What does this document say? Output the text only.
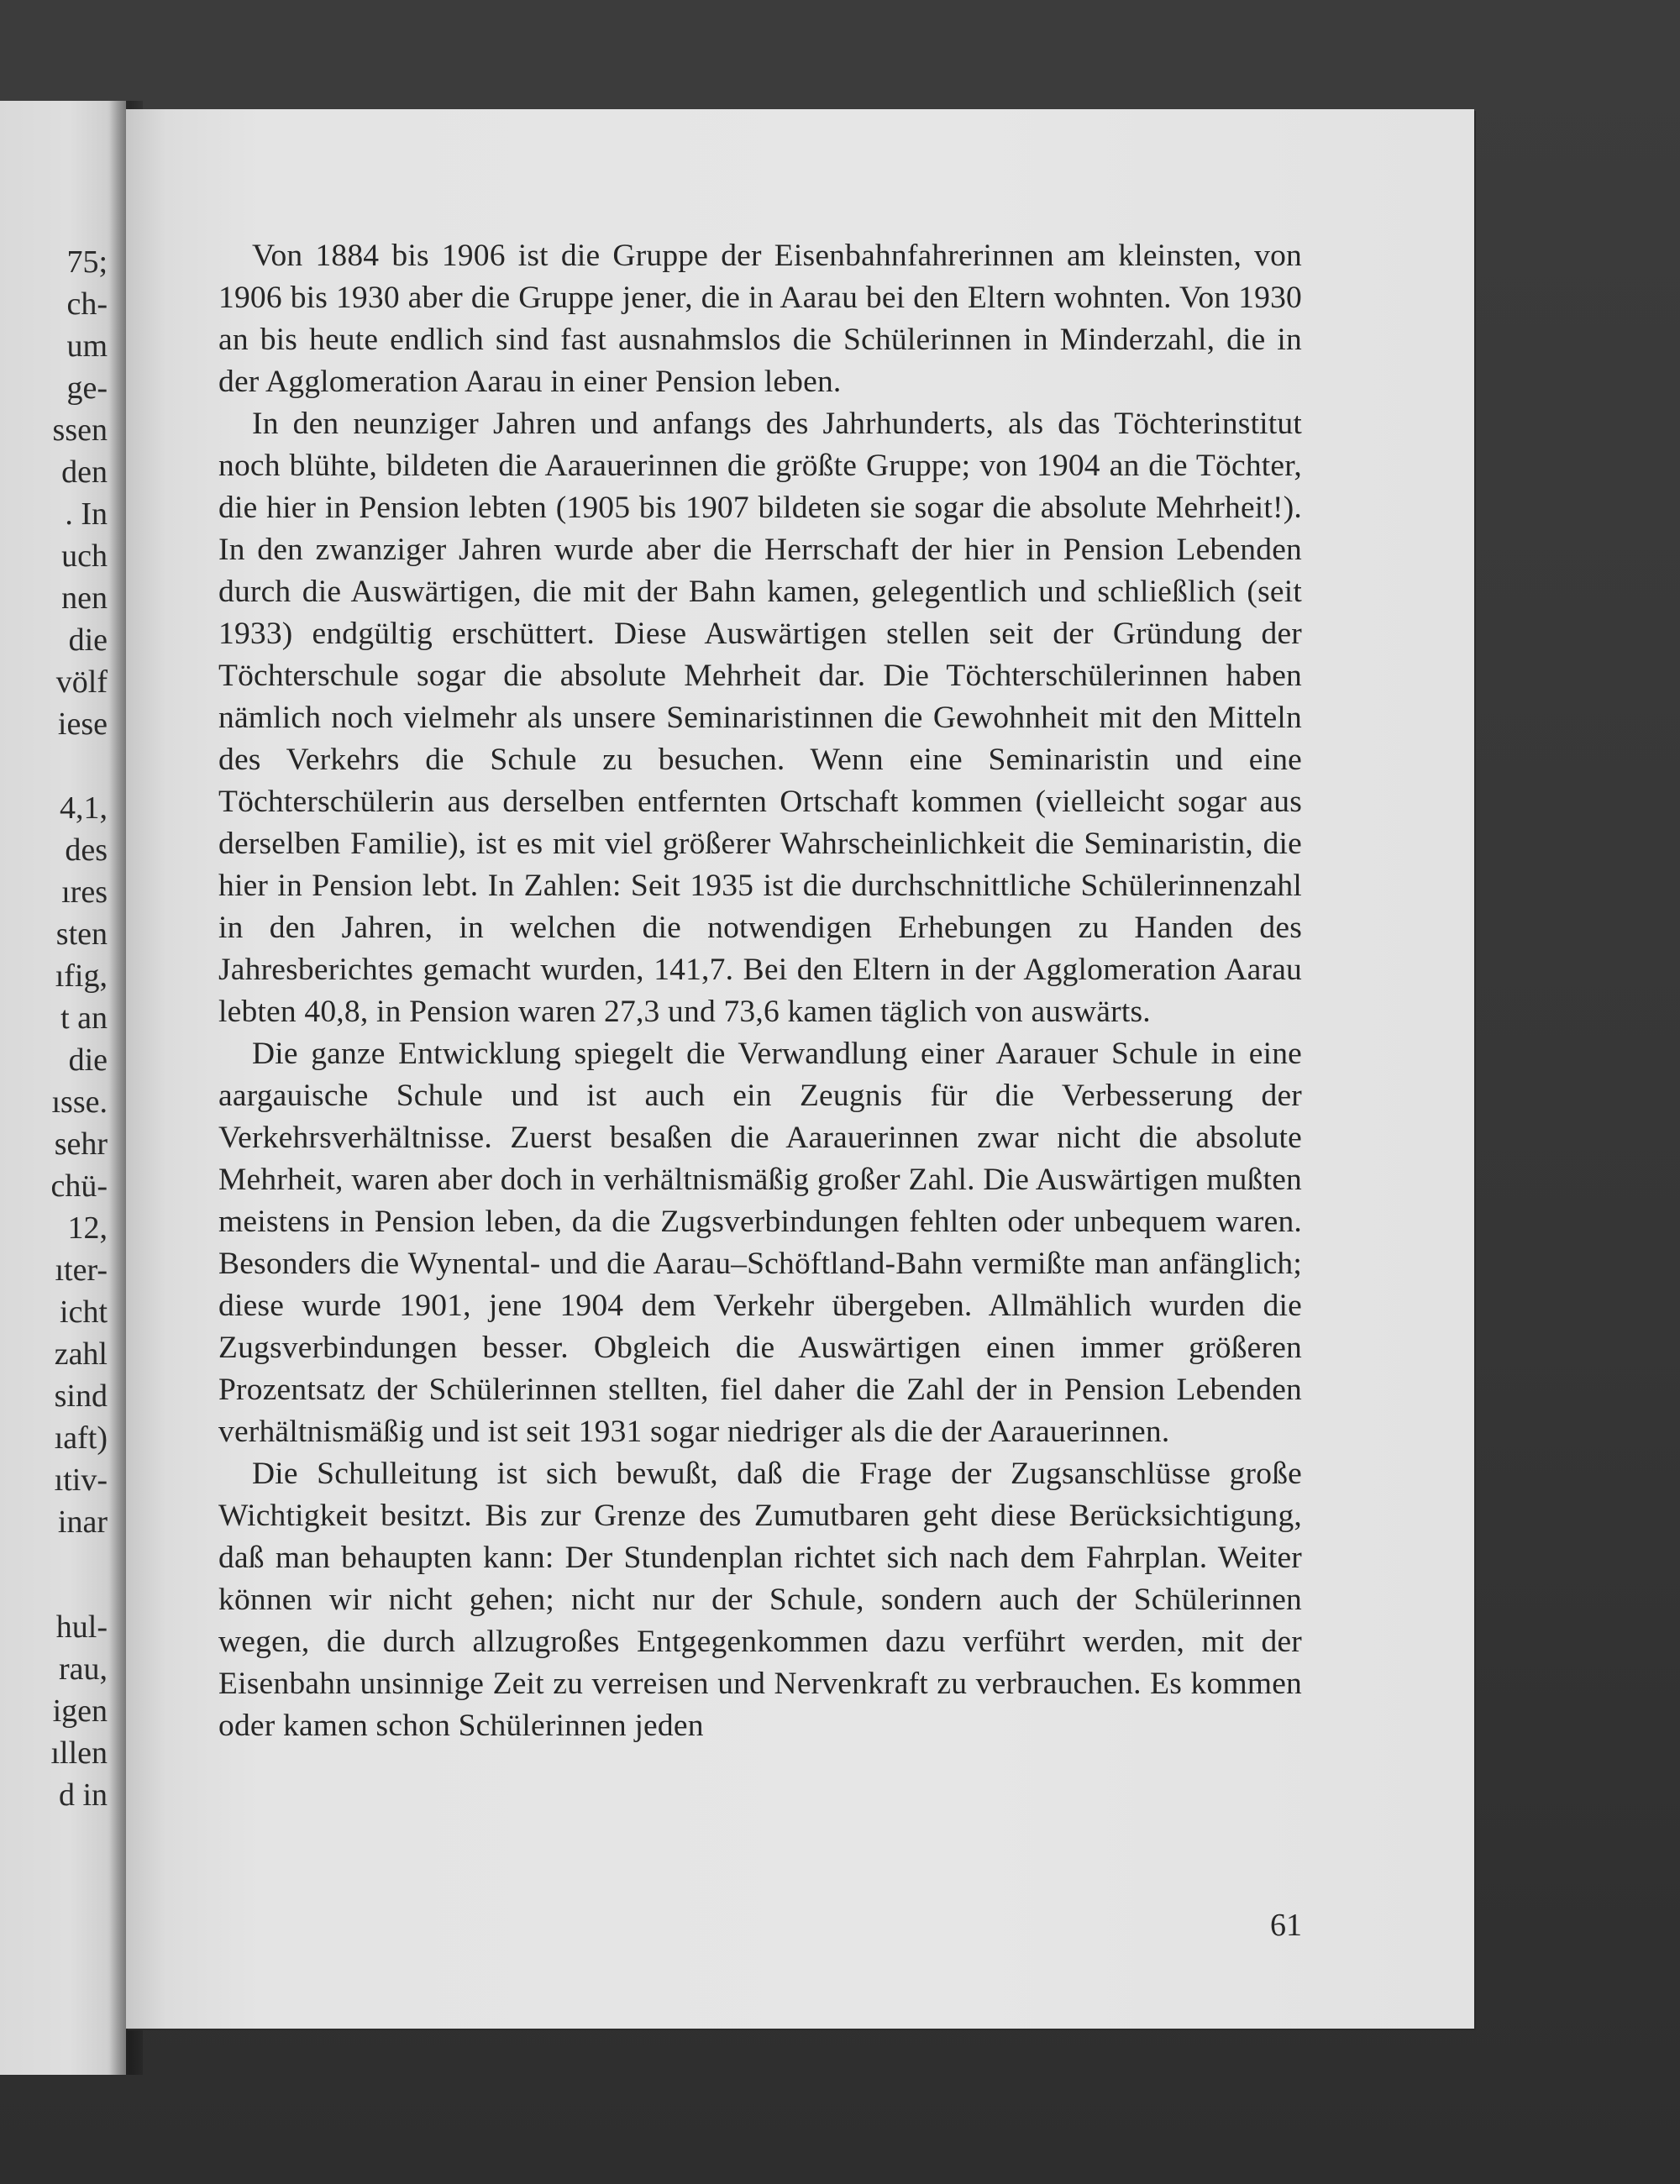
75;
ch-
um
ge-
ssen
den
. In
uch
nen
die
völf
iese
4,1,
des
ıres
sten
ıfig,
t an
die
ısse.
sehr
chü-
12,
ıter-
icht
zahl
sind
ıaft)
ıtiv-
inar
hul-
rau,
igen
ıllen
d in

Von 1884 bis 1906 ist die Gruppe der Eisenbahnfahrerinnen am kleinsten, von 1906 bis 1930 aber die Gruppe jener, die in Aarau bei den Eltern wohnten. Von 1930 an bis heute endlich sind fast ausnahmslos die Schülerinnen in Minderzahl, die in der Agglomeration Aarau in einer Pension leben.

In den neunziger Jahren und anfangs des Jahrhunderts, als das Töchterinstitut noch blühte, bildeten die Aarauerinnen die größte Gruppe; von 1904 an die Töchter, die hier in Pension lebten (1905 bis 1907 bildeten sie sogar die absolute Mehrheit!). In den zwanziger Jahren wurde aber die Herrschaft der hier in Pension Lebenden durch die Auswärtigen, die mit der Bahn kamen, gelegentlich und schließlich (seit 1933) endgültig erschüttert. Diese Auswärtigen stellen seit der Gründung der Töchterschule sogar die absolute Mehrheit dar. Die Töchterschülerinnen haben nämlich noch vielmehr als unsere Seminaristinnen die Gewohnheit mit den Mitteln des Verkehrs die Schule zu besuchen. Wenn eine Seminaristin und eine Töchterschülerin aus derselben entfernten Ortschaft kommen (vielleicht sogar aus derselben Familie), ist es mit viel größerer Wahrscheinlichkeit die Seminaristin, die hier in Pension lebt. In Zahlen: Seit 1935 ist die durchschnittliche Schülerinnenzahl in den Jahren, in welchen die notwendigen Erhebungen zu Handen des Jahresberichtes gemacht wurden, 141,7. Bei den Eltern in der Agglomeration Aarau lebten 40,8, in Pension waren 27,3 und 73,6 kamen täglich von auswärts.

Die ganze Entwicklung spiegelt die Verwandlung einer Aarauer Schule in eine aargauische Schule und ist auch ein Zeugnis für die Verbesserung der Verkehrsverhältnisse. Zuerst besaßen die Aarauerinnen zwar nicht die absolute Mehrheit, waren aber doch in verhältnismäßig großer Zahl. Die Auswärtigen mußten meistens in Pension leben, da die Zugsverbindungen fehlten oder unbequem waren. Besonders die Wynental- und die Aarau–Schöftland-Bahn vermißte man anfänglich; diese wurde 1901, jene 1904 dem Verkehr übergeben. Allmählich wurden die Zugsverbindungen besser. Obgleich die Auswärtigen einen immer größeren Prozentsatz der Schülerinnen stellten, fiel daher die Zahl der in Pension Lebenden verhältnismäßig und ist seit 1931 sogar niedriger als die der Aarauerinnen.

Die Schulleitung ist sich bewußt, daß die Frage der Zugsanschlüsse große Wichtigkeit besitzt. Bis zur Grenze des Zumutbaren geht diese Berücksichtigung, daß man behaupten kann: Der Stundenplan richtet sich nach dem Fahrplan. Weiter können wir nicht gehen; nicht nur der Schule, sondern auch der Schülerinnen wegen, die durch allzugroßes Entgegenkommen dazu verführt werden, mit der Eisenbahn unsinnige Zeit zu verreisen und Nervenkraft zu verbrauchen. Es kommen oder kamen schon Schülerinnen jeden

61
